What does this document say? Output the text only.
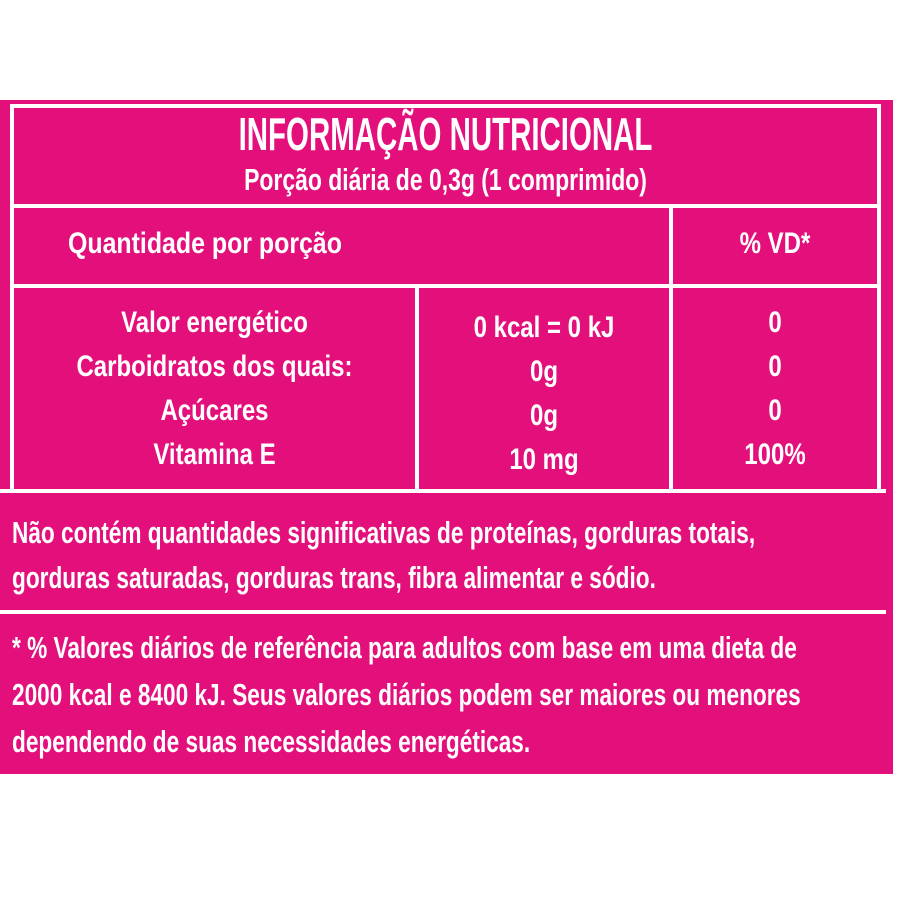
INFORMAÇÃO NUTRICIONAL
Porção diária de 0,3g (1 comprimido)
Quantidade por porção	% VD*
Valor energético
Carboidratos dos quais:
Açúcares
Vitamina E
0 kcal = 0 kJ
0g
0g
10 mg
0
0
0
100%
Não contém quantidades significativas de proteínas, gorduras totais,
gorduras saturadas, gorduras trans, fibra alimentar e sódio.
* % Valores diários de referência para adultos com base em uma dieta de
2000 kcal e 8400 kJ. Seus valores diários podem ser maiores ou menores
dependendo de suas necessidades energéticas.
